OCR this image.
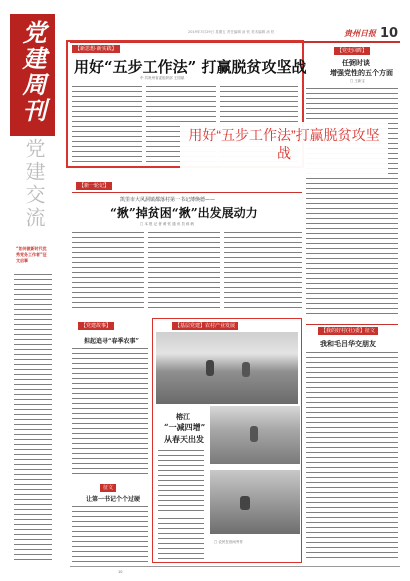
2019年3月29日 星期五 责任编辑 汤 钦 美术编辑 汤 钦	贵州日报 10
党建周刊
党建交流
“如何做新时代优秀党务工作者”征文启事
【新思想·新实践】
用好“五步工作法” 打赢脱贫攻坚战
中 共贵州省委组织部 王国斌
【党史回眸】
任弼时谈
增强党性的五个方面
□ 王新宝
【我的好村(社)委】征文
我和毛吕华交朋友
【新一轮记】
凯里市大风洞镇都落村第一书记薄焕德——
“揪”掉贫困“揪”出发展动力
□ 本 报 记 者 黄 钦 通 讯 员 蒋 帆
用好“五步工作法”打赢脱贫攻坚战
【党建故事】
担起追寻“春季农事”
征文
让第一书记个个过硬
【基层党建】农村产业发展
榕江
“一减四增”
从春天出发
□ 农民在田间劳作
10
